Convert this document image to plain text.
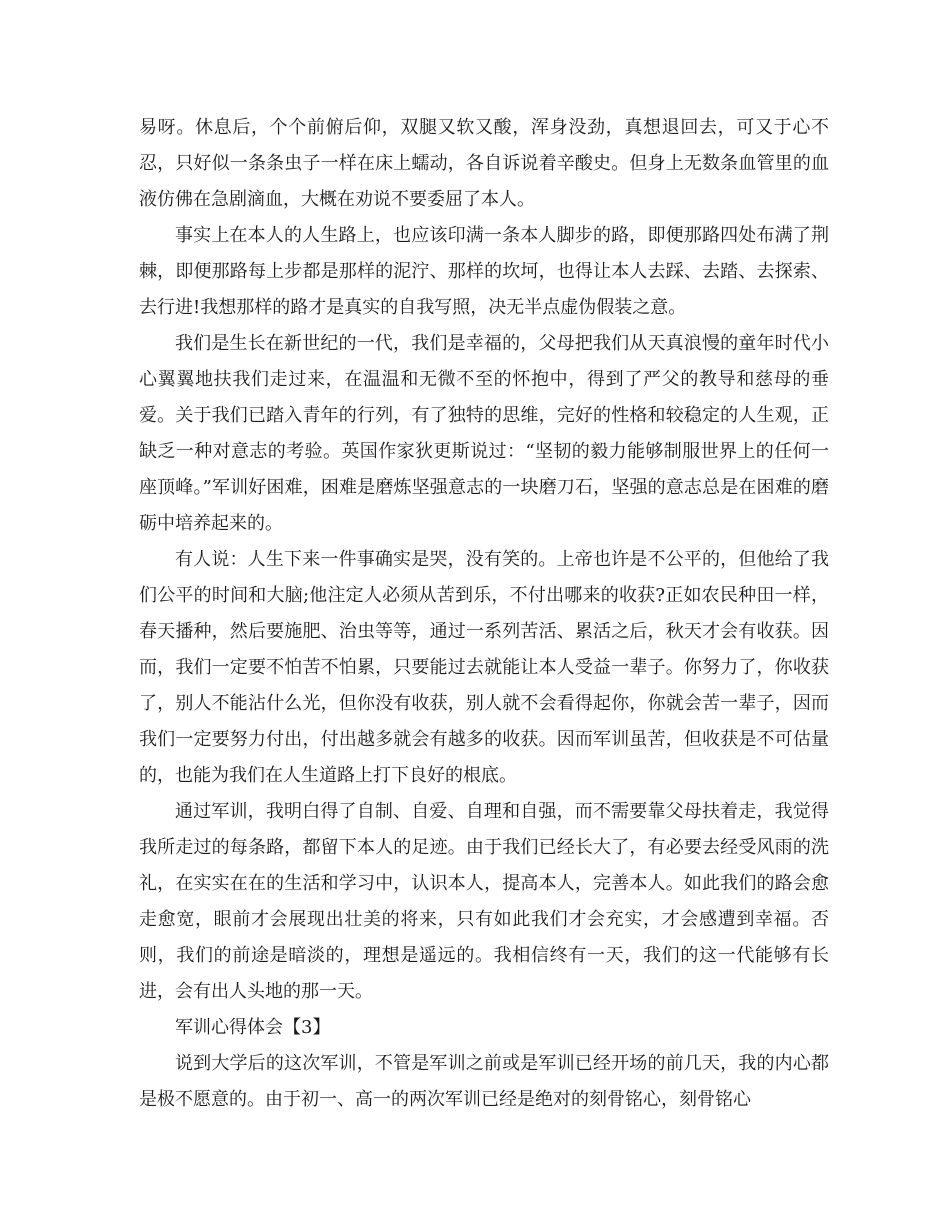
易呀。休息后，个个前俯后仰，双腿又软又酸，浑身没劲，真想退回去，可又于心不忍，只好似一条条虫子一样在床上蠕动，各自诉说着辛酸史。但身上无数条血管里的血液仿佛在急剧滴血，大概在劝说不要委屈了本人。

事实上在本人的人生路上，也应该印满一条本人脚步的路，即便那路四处布满了荆棘，即便那路每上步都是那样的泥泞、那样的坎坷，也得让本人去踩、去踏、去探索、去行进!我想那样的路才是真实的自我写照，决无半点虚伪假装之意。

我们是生长在新世纪的一代，我们是幸福的，父母把我们从天真浪慢的童年时代小心翼翼地扶我们走过来，在温温和无微不至的怀抱中，得到了严父的教导和慈母的垂爱。关于我们已踏入青年的行列，有了独特的思维，完好的性格和较稳定的人生观，正缺乏一种对意志的考验。英国作家狄更斯说过：“坚韧的毅力能够制服世界上的任何一座顶峰。”军训好困难，困难是磨炼坚强意志的一块磨刀石，坚强的意志总是在困难的磨砺中培养起来的。

有人说：人生下来一件事确实是哭，没有笑的。上帝也许是不公平的，但他给了我们公平的时间和大脑;他注定人必须从苦到乐，不付出哪来的收获?正如农民种田一样，春天播种，然后要施肥、治虫等等，通过一系列苦活、累活之后，秋天才会有收获。因而，我们一定要不怕苦不怕累，只要能过去就能让本人受益一辈子。你努力了，你收获了，别人不能沾什么光，但你没有收获，别人就不会看得起你，你就会苦一辈子，因而我们一定要努力付出，付出越多就会有越多的收获。因而军训虽苦，但收获是不可估量的，也能为我们在人生道路上打下良好的根底。

通过军训，我明白得了自制、自爱、自理和自强，而不需要靠父母扶着走，我觉得我所走过的每条路，都留下本人的足迹。由于我们已经长大了，有必要去经受风雨的洗礼，在实实在在的生活和学习中，认识本人，提高本人，完善本人。如此我们的路会愈走愈宽，眼前才会展现出壮美的将来，只有如此我们才会充实，才会感遭到幸福。否则，我们的前途是暗淡的，理想是遥远的。我相信终有一天，我们的这一代能够有长进，会有出人头地的那一天。

军训心得体会【3】

说到大学后的这次军训，不管是军训之前或是军训已经开场的前几天，我的内心都是极不愿意的。由于初一、高一的两次军训已经是绝对的刻骨铭心，刻骨铭心
